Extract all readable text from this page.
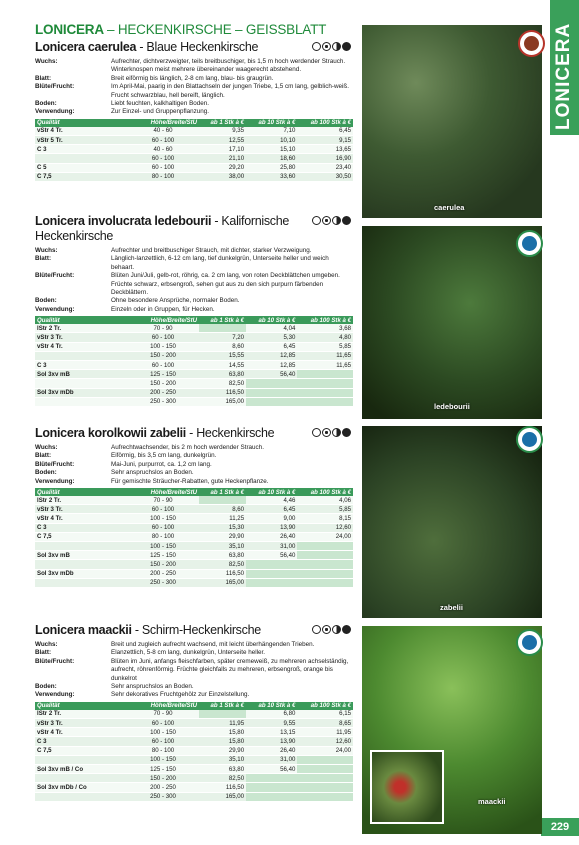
LONICERA
LONICERA – HECKENKIRSCHE – GEISSBLATT
Lonicera caerulea - Blaue Heckenkirsche
Wuchs:	Aufrechter, dichtverzweigter, teils breitbuschiger, bis 1,5 m hoch werdender Strauch. Winterknospen meist mehrere übereinander waagerecht abstehend.
Blatt:	Breit eiförmig bis länglich, 2-8 cm lang, blau- bis graugrün.
Blüte/Frucht:	Im April-Mai, paarig in den Blattachseln der jungen Triebe, 1,5 cm lang, gelblich-weiß. Frucht schwarzblau, hell bereift, länglich.
Boden:	Liebt feuchten, kalkhaltigen Boden.
Verwendung:	Zur Einzel- und Gruppenpflanzung.
Qualität	Höhe/Breite/StU	ab 1 Stk à €	ab 10 Stk à €	ab 100 Stk à €
vStr 4 Tr.	40 - 60	9,35	7,10	6,45
vStr 5 Tr.	60 - 100	12,55	10,10	9,15
C 3	40 - 60	17,10	15,10	13,65
	60 - 100	21,10	18,60	16,90
C 5	60 - 100	29,20	25,80	23,40
C 7,5	80 - 100	38,00	33,60	30,50
Lonicera involucrata ledebourii - Kalifornische Heckenkirsche
Wuchs:	Aufrechter und breitbuschiger Strauch, mit dichter, starker Verzweigung.
Blatt:	Länglich-lanzettlich, 6-12 cm lang, tief dunkelgrün, Unterseite heller und weich behaart.
Blüte/Frucht:	Blüten Juni/Juli, gelb-rot, röhrig, ca. 2 cm lang, von roten Deckblättchen umgeben. Früchte schwarz, erbsengroß, sehen gut aus zu den sich purpurn färbenden Deckblättern.
Boden:	Ohne besondere Ansprüche, normaler Boden.
Verwendung:	Einzeln oder in Gruppen, für Hecken.
Qualität	Höhe/Breite/StU	ab 1 Stk à €	ab 10 Stk à €	ab 100 Stk à €
lStr 2 Tr.	70 - 90		4,04	3,68
vStr 3 Tr.	60 - 100	7,20	5,30	4,80
vStr 4 Tr.	100 - 150	8,60	6,45	5,85
	150 - 200	15,55	12,85	11,65
C 3	60 - 100	14,55	12,85	11,65
Sol 3xv mB	125 - 150	63,80	56,40	
	150 - 200	82,50		
Sol 3xv mDb	200 - 250	116,50		
	250 - 300	165,00		
Lonicera korolkowii zabelii - Heckenkirsche
Wuchs:	Aufrechtwachsender, bis 2 m hoch werdender Strauch.
Blatt:	Eiförmig, bis 3,5 cm lang, dunkelgrün.
Blüte/Frucht:	Mai-Juni, purpurrot, ca. 1,2 cm lang.
Boden:	Sehr anspruchslos an Boden.
Verwendung:	Für gemischte Sträucher-Rabatten, gute Heckenpflanze.
Qualität	Höhe/Breite/StU	ab 1 Stk à €	ab 10 Stk à €	ab 100 Stk à €
lStr 2 Tr.	70 - 90		4,46	4,06
vStr 3 Tr.	60 - 100	8,60	6,45	5,85
vStr 4 Tr.	100 - 150	11,25	9,00	8,15
C 3	60 - 100	15,30	13,90	12,60
C 7,5	80 - 100	29,90	26,40	24,00
	100 - 150	35,10	31,00	
Sol 3xv mB	125 - 150	63,80	56,40	
	150 - 200	82,50		
Sol 3xv mDb	200 - 250	116,50		
	250 - 300	165,00		
Lonicera maackii - Schirm-Heckenkirsche
Wuchs:	Breit und zugleich aufrecht wachsend, mit leicht überhängenden Trieben.
Blatt:	Elanzettlich, 5-8 cm lang, dunkelgrün, Unterseite heller.
Blüte/Frucht:	Blüten im Juni, anfangs fleischfarben, später cremeweiß, zu mehreren achselständig, aufrecht, röhrenförmig. Früchte gleichfalls zu mehreren, erbsengroß, orange bis dunkelrot
Boden:	Sehr anspruchslos an Boden.
Verwendung:	Sehr dekoratives Fruchtgehölz zur Einzelstellung.
Qualität	Höhe/Breite/StU	ab 1 Stk à €	ab 10 Stk à €	ab 100 Stk à €
lStr 2 Tr.	70 - 90		6,80	6,15
vStr 3 Tr.	60 - 100	11,95	9,55	8,65
vStr 4 Tr.	100 - 150	15,80	13,15	11,95
C 3	60 - 100	15,80	13,90	12,60
C 7,5	80 - 100	29,90	26,40	24,00
	100 - 150	35,10	31,00	
Sol 3xv mB / Co	125 - 150	63,80	56,40	
	150 - 200	82,50		
Sol 3xv mDb / Co	200 - 250	116,50		
	250 - 300	165,00		
229
caerulea
ledebourii
zabelii
maackii
